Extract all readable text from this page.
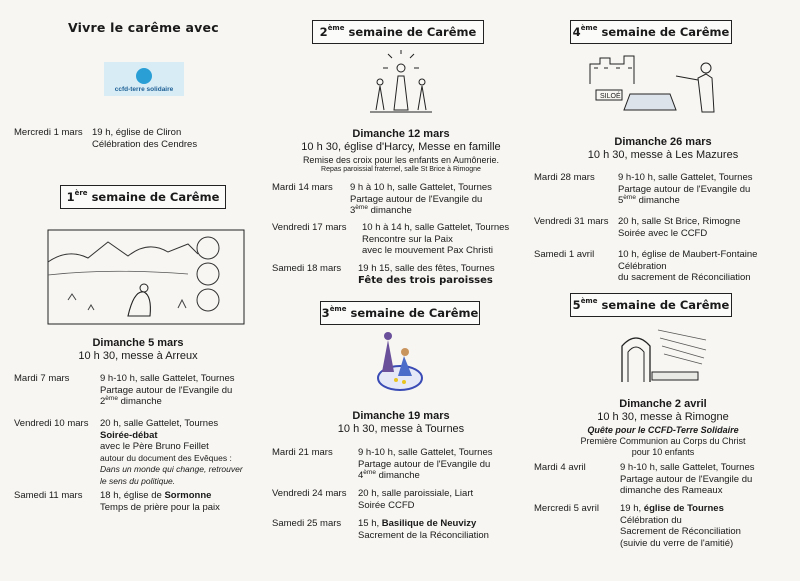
Vivre le carême avec
ccfd-terre solidaire
Mercredi 1 mars 19 h, église de Cliron
Célébration des Cendres
1ère semaine de Carême
Dimanche 5 mars
10 h 30, messe à Arreux
Mardi 7 mars	9 h-10 h, salle Gattelet, Tournes
Partage autour de l'Evangile du
2ème dimanche
Vendredi 10 mars	20 h, salle Gattelet, Tournes
Soirée-débat
avec le Père Bruno Feillet
autour du document des Evêques :
Dans un monde qui change, retrouver
le sens du politique.
Samedi 11 mars	18 h, église de Sormonne
Temps de prière pour la paix
2ème semaine de Carême
Dimanche 12 mars
10 h 30, église d'Harcy, Messe en famille
Remise des croix pour les enfants en Aumônerie.
Repas paroissial fraternel, salle St Brice à Rimogne
Mardi 14 mars	9 h à 10 h, salle Gattelet, Tournes
Partage autour de l'Evangile du
3ème dimanche
Vendredi 17 mars	10 h à 14 h, salle Gattelet, Tournes
Rencontre sur la Paix
avec le mouvement Pax Christi
Samedi 18 mars	19 h 15, salle des fêtes, Tournes
Fête des trois paroisses
3ème semaine de Carême
Dimanche 19 mars
10 h 30, messe à Tournes
Mardi 21 mars	9 h-10 h, salle Gattelet, Tournes
Partage autour de l'Evangile du
4ème dimanche
Vendredi 24 mars	20 h, salle paroissiale, Liart
Soirée CCFD
Samedi 25 mars	15 h, Basilique de Neuvizy
Sacrement de la Réconciliation
4ème semaine de Carême
SILOÉ
Dimanche 26 mars
10 h 30, messe à Les Mazures
Mardi 28 mars	9 h-10 h, salle Gattelet, Tournes
Partage autour de l'Evangile du
5ème dimanche
Vendredi 31 mars	20 h, salle St Brice, Rimogne
Soirée avec le CCFD
Samedi 1 avril	10 h, église de Maubert-Fontaine
Célébration
du sacrement de Réconciliation
5ème semaine de Carême
Dimanche 2 avril
10 h 30, messe à Rimogne
Quête pour le CCFD-Terre Solidaire
Première Communion au Corps du Christ
pour 10 enfants
Mardi 4 avril	9 h-10 h, salle Gattelet, Tournes
Partage autour de l'Evangile du
dimanche des Rameaux
Mercredi 5 avril	19 h, église de Tournes
Célébration du
Sacrement de Réconciliation
(suivie du verre de l'amitié)
